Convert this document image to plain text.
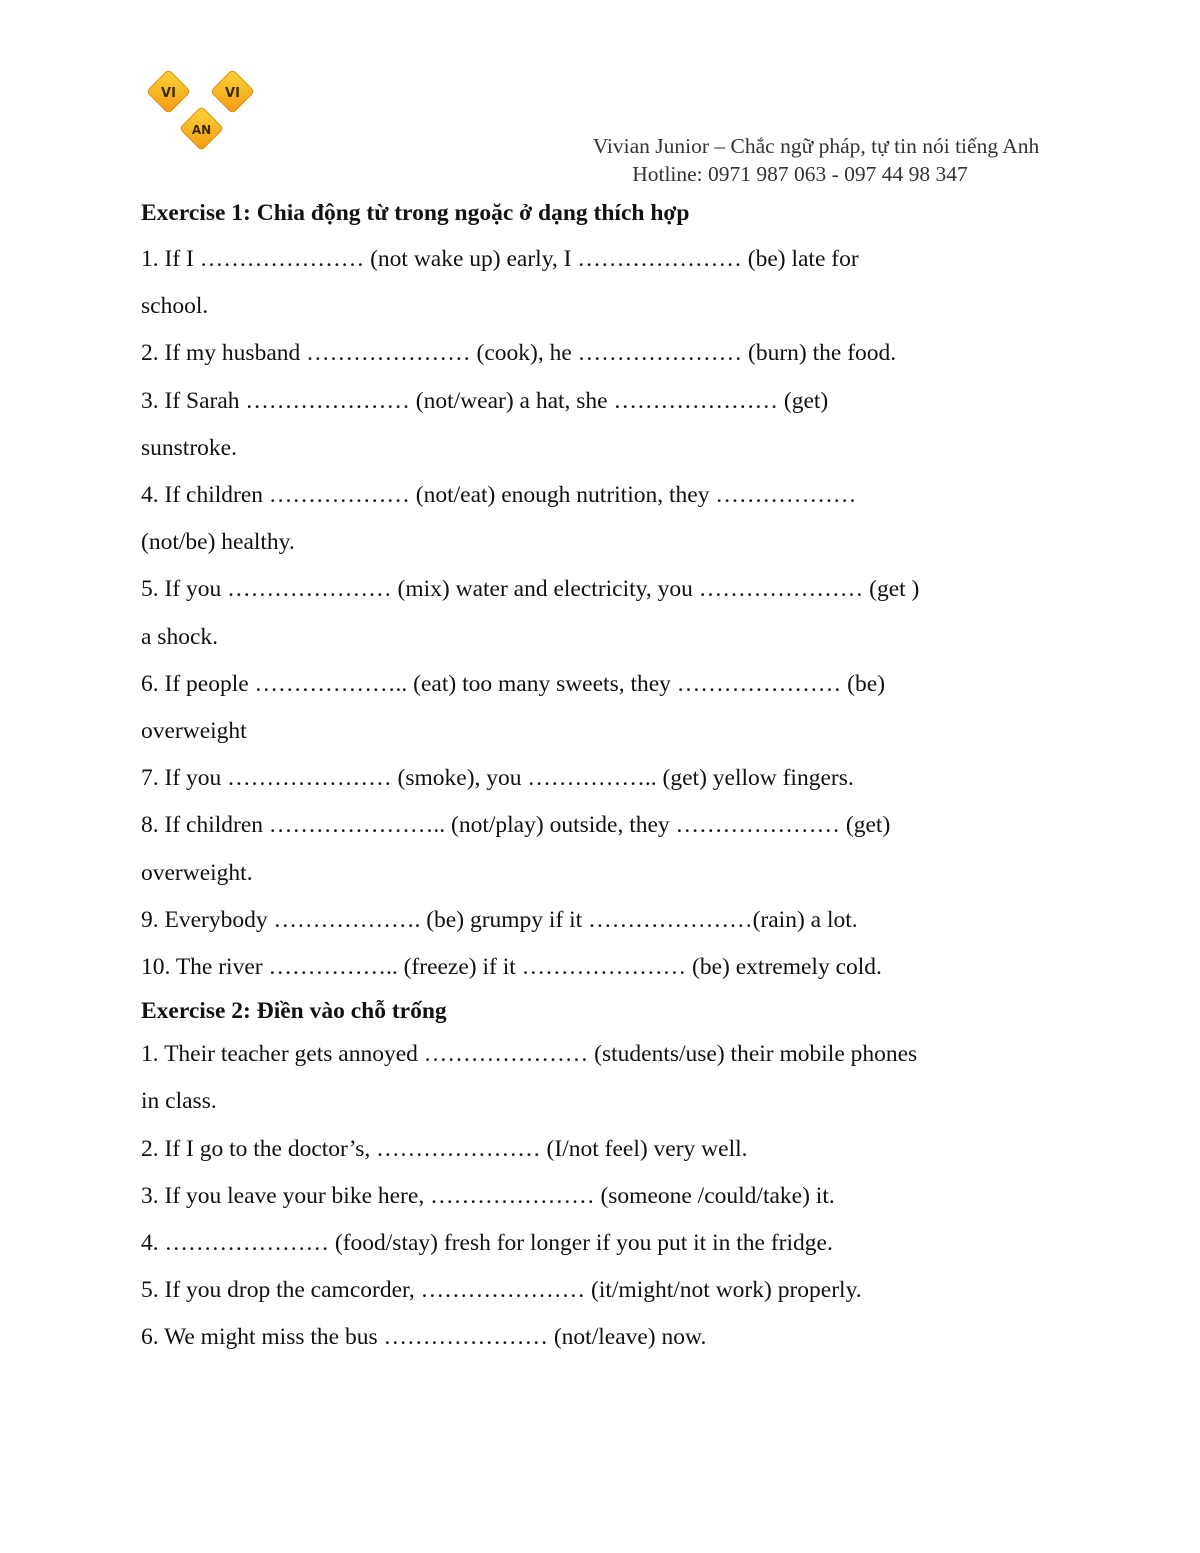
VI	VI
AN
Vivian Junior – Chắc ngữ pháp, tự tin nói tiếng Anh
Hotline: 0971 987 063 - 097 44 98 347

Exercise 1: Chia động từ trong ngoặc ở dạng thích hợp

1. If I ………………… (not wake up) early, I ………………… (be) late for

school.

2. If my husband ………………… (cook), he ………………… (burn) the food.

3. If Sarah ………………… (not/wear) a hat, she ………………… (get)

sunstroke.

4. If children ……………… (not/eat) enough nutrition, they ………………

(not/be) healthy.

5. If you ………………… (mix) water and electricity, you ………………… (get )

a shock.

6. If people ……………….. (eat) too many sweets, they ………………… (be)

overweight

7. If you ………………… (smoke), you …………….. (get) yellow fingers.

8. If children ………………….. (not/play) outside, they ………………… (get)

overweight.

9. Everybody ………………. (be) grumpy if it …………………(rain) a lot.

10. The river …………….. (freeze) if it ………………… (be) extremely cold.

Exercise 2: Điền vào chỗ trống

1. Their teacher gets annoyed ………………… (students/use) their mobile phones

in class.

2. If I go to the doctor’s, ………………… (I/not feel) very well.

3. If you leave your bike here, ………………… (someone /could/take) it.

4. ………………… (food/stay) fresh for longer if you put it in the fridge.

5. If you drop the camcorder, ………………… (it/might/not work) properly.

6. We might miss the bus ………………… (not/leave) now.
